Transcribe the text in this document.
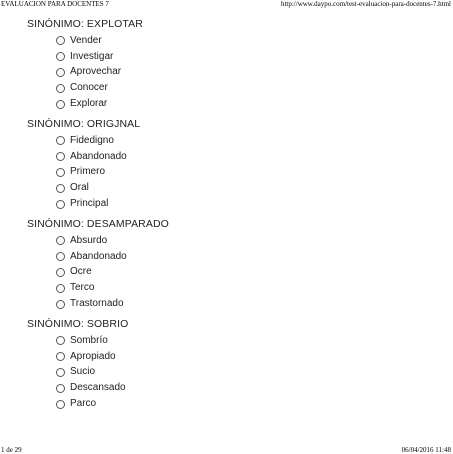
EVALUACION PARA DOCENTES 7	http://www.daypo.com/test-evaluacion-para-docentes-7.html
SINÓNIMO: EXPLOTAR
Vender
Investigar
Aprovechar
Conocer
Explorar
SINÓNIMO: ORIGJNAL
Fidedigno
Abandonado
Primero
Oral
Principal
SINÓNIMO: DESAMPARADO
Absurdo
Abandonado
Ocre
Terco
Trastornado
SINÓNIMO: SOBRIO
Sombrío
Apropiado
Sucio
Descansado
Parco
1 de 29	06/04/2016 11:48
